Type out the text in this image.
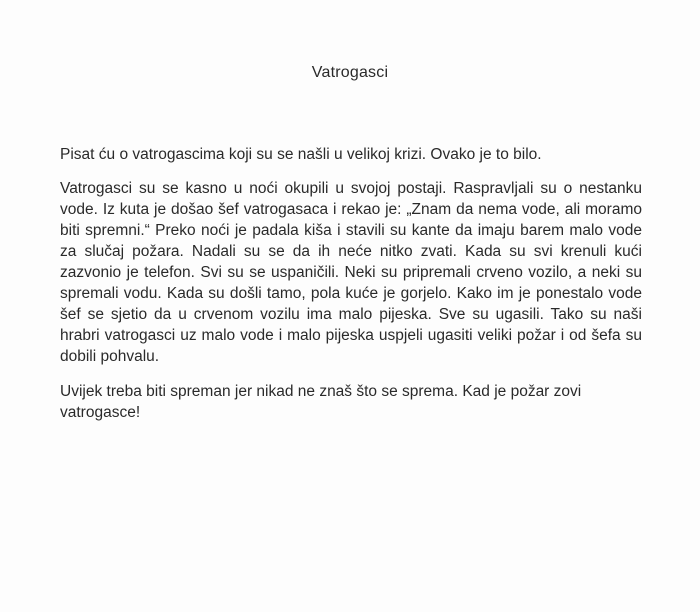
Vatrogasci

Pisat ću o vatrogascima koji su se našli u velikoj krizi. Ovako je to bilo.

Vatrogasci su se kasno u noći okupili u svojoj postaji. Raspravljali su o nestanku vode. Iz kuta je došao šef vatrogasaca i rekao je: „Znam da nema vode, ali moramo biti spremni.“ Preko noći je padala kiša i stavili su kante da imaju barem malo vode za slučaj požara. Nadali su se da ih neće nitko zvati. Kada su svi krenuli kući zazvonio je telefon. Svi su se uspaničili. Neki su pripremali crveno vozilo, a neki su spremali vodu. Kada su došli tamo, pola kuće je gorjelo. Kako im je ponestalo vode šef se sjetio da u crvenom vozilu ima malo pijeska. Sve su ugasili. Tako su naši hrabri vatrogasci uz malo vode i malo pijeska uspjeli ugasiti veliki požar i od šefa su dobili pohvalu.

Uvijek treba biti spreman jer nikad ne znaš što se sprema. Kad je požar zovi vatrogasce!
